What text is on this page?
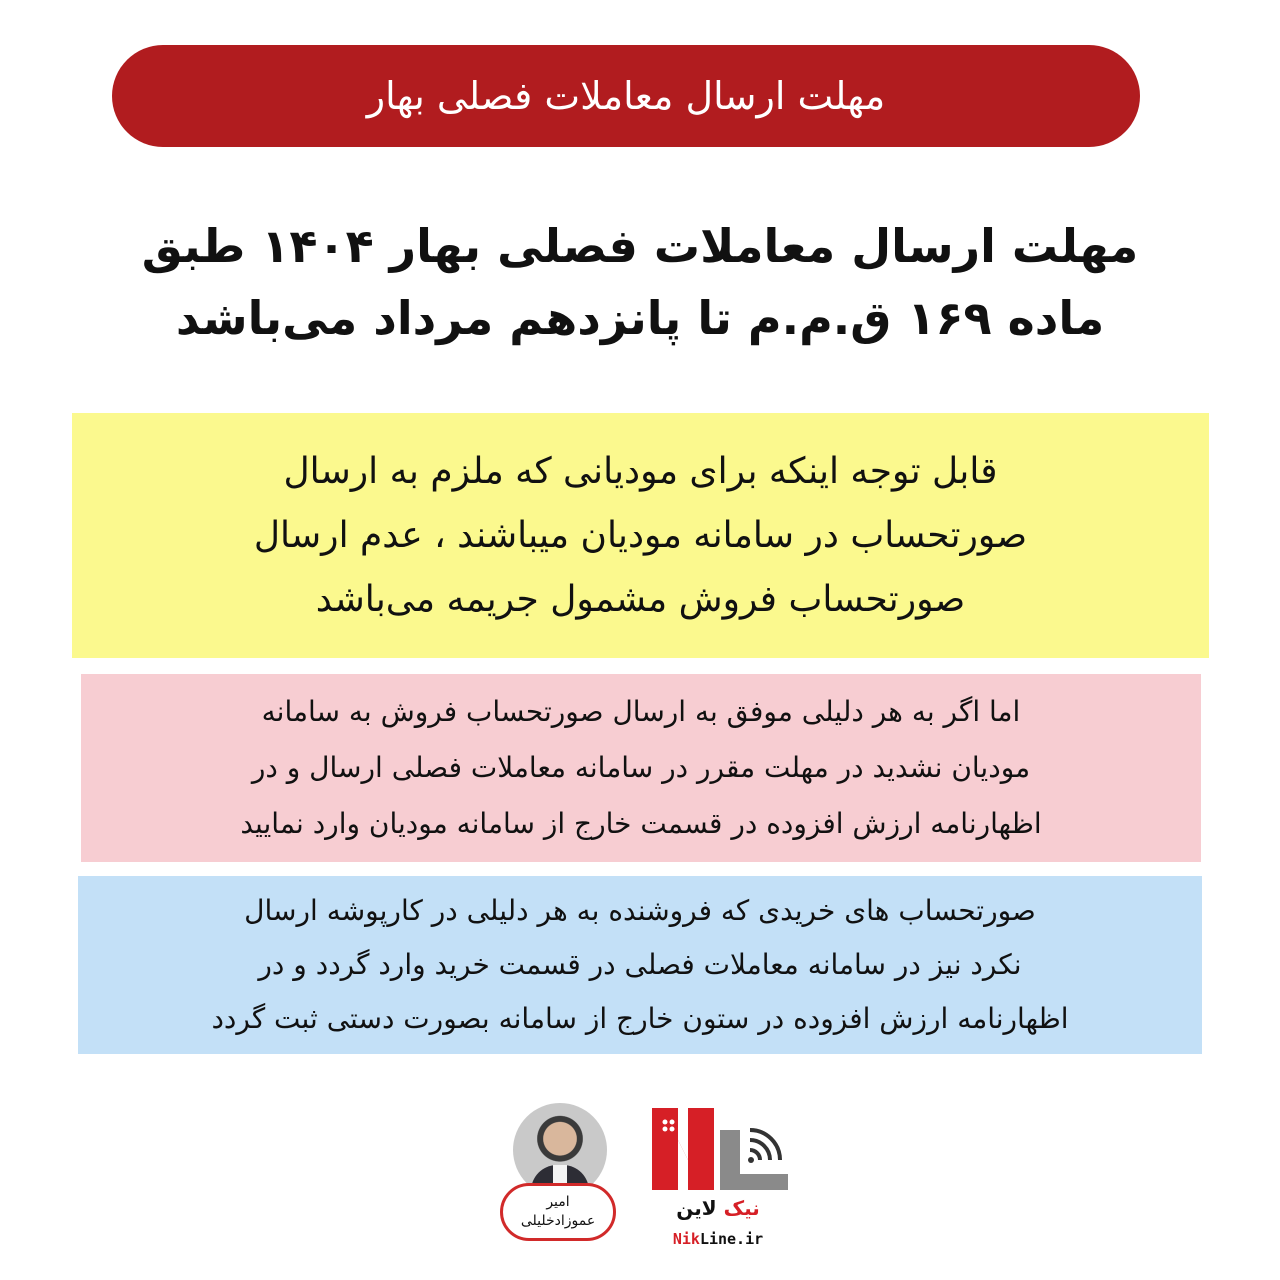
مهلت ارسال معاملات فصلی بهار
مهلت ارسال معاملات فصلی بهار ۱۴۰۴ طبق
ماده ۱۶۹ ق.م.م تا پانزدهم مرداد می‌باشد
قابل توجه اینکه برای مودیانی که ملزم به ارسال
صورتحساب در سامانه مودیان میباشند ، عدم ارسال
صورتحساب فروش مشمول جریمه می‌باشد
اما اگر به هر دلیلی موفق به ارسال صورتحساب فروش به سامانه
مودیان نشدید در مهلت مقرر در سامانه معاملات فصلی ارسال و در
اظهارنامه ارزش افزوده در قسمت خارج از سامانه مودیان وارد نمایید
صورتحساب های خریدی که فروشنده به هر دلیلی در کارپوشه ارسال
نکرد نیز در سامانه معاملات فصلی در قسمت خرید وارد گردد و در
اظهارنامه ارزش افزوده در ستون خارج از سامانه بصورت دستی ثبت گردد
امیر
عموزادخلیلی
نیک لاین
NikLine.ir
